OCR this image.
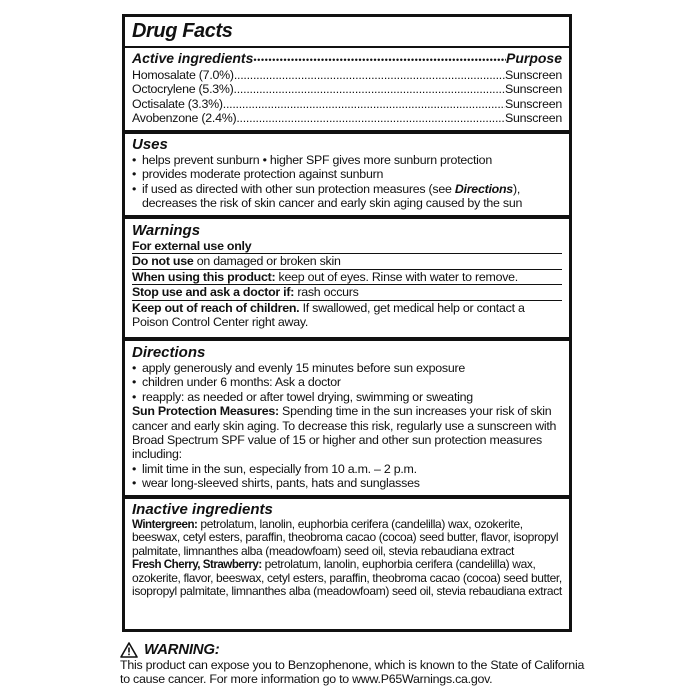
Drug Facts
Active ingredients •••••	Purpose
Homosalate (7.0%) .....	Sunscreen
Octocrylene (5.3%) .....	Sunscreen
Octisalate (3.3%) .....	Sunscreen
Avobenzone (2.4%) .....	Sunscreen
Uses
• helps prevent sunburn • higher SPF gives more sunburn protection
• provides moderate protection against sunburn
• if used as directed with other sun protection measures (see Directions), decreases the risk of skin cancer and early skin aging caused by the sun
Warnings
For external use only
Do not use on damaged or broken skin
When using this product: keep out of eyes. Rinse with water to remove.
Stop use and ask a doctor if: rash occurs
Keep out of reach of children. If swallowed, get medical help or contact a Poison Control Center right away.
Directions
• apply generously and evenly 15 minutes before sun exposure
• children under 6 months: Ask a doctor
• reapply: as needed or after towel drying, swimming or sweating
Sun Protection Measures: Spending time in the sun increases your risk of skin cancer and early skin aging. To decrease this risk, regularly use a sunscreen with Broad Spectrum SPF value of 15 or higher and other sun protection measures including:
• limit time in the sun, especially from 10 a.m. – 2 p.m.
• wear long-sleeved shirts, pants, hats and sunglasses
Inactive ingredients
Wintergreen: petrolatum, lanolin, euphorbia cerifera (candelilla) wax, ozokerite, beeswax, cetyl esters, paraffin, theobroma cacao (cocoa) seed butter, flavor, isopropyl palmitate, limnanthes alba (meadowfoam) seed oil, stevia rebaudiana extract
Fresh Cherry, Strawberry: petrolatum, lanolin, euphorbia cerifera (candelilla) wax, ozokerite, flavor, beeswax, cetyl esters, paraffin, theobroma cacao (cocoa) seed butter, isopropyl palmitate, limnanthes alba (meadowfoam) seed oil, stevia rebaudiana extract
WARNING:
This product can expose you to Benzophenone, which is known to the State of California to cause cancer. For more information go to www.P65Warnings.ca.gov.
